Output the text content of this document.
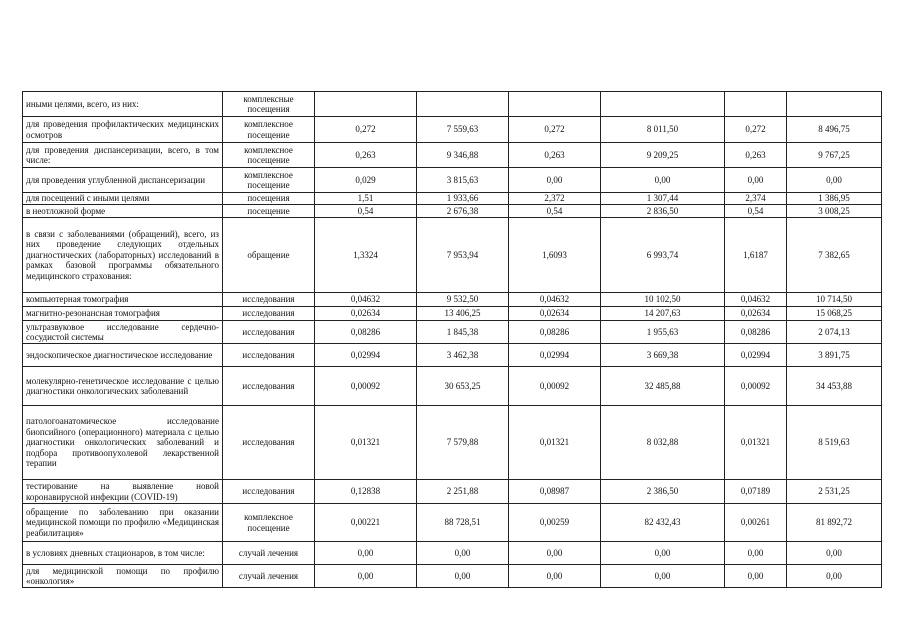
иными целями, всего, из них:	комплексные посещения						
для проведения профилактических медицинских осмотров	комплексное посещение	0,272	7 559,63	0,272	8 011,50	0,272	8 496,75
для проведения диспансеризации, всего, в том числе:	комплексное посещение	0,263	9 346,88	0,263	9 209,25	0,263	9 767,25
для проведения углубленной диспансеризации	комплексное посещение	0,029	3 815,63	0,00	0,00	0,00	0,00
для посещений с иными целями	посещения	1,51	1 933,66	2,372	1 307,44	2,374	1 386,95
в неотложной форме	посещение	0,54	2 676,38	0,54	2 836,50	0,54	3 008,25
в связи с заболеваниями (обращений), всего, из них проведение следующих отдельных диагностических (лабораторных) исследований в рамках базовой программы обязательного медицинского страхования:	обращение	1,3324	7 953,94	1,6093	6 993,74	1,6187	7 382,65
компьютерная томография	исследования	0,04632	9 532,50	0,04632	10 102,50	0,04632	10 714,50
магнитно-резонансная томография	исследования	0,02634	13 406,25	0,02634	14 207,63	0,02634	15 068,25
ультразвуковое исследование сердечно-сосудистой системы	исследования	0,08286	1 845,38	0,08286	1 955,63	0,08286	2 074,13
эндоскопическое диагностическое исследование	исследования	0,02994	3 462,38	0,02994	3 669,38	0,02994	3 891,75
молекулярно-генетическое исследование с целью диагностики онкологических заболеваний	исследования	0,00092	30 653,25	0,00092	32 485,88	0,00092	34 453,88
патологоанатомическое исследование биопсийного (операционного) материала с целью диагностики онкологических заболеваний и подбора противоопухолевой лекарственной терапии	исследования	0,01321	7 579,88	0,01321	8 032,88	0,01321	8 519,63
тестирование на выявление новой коронавирусной инфекции (COVID-19)	исследования	0,12838	2 251,88	0,08987	2 386,50	0,07189	2 531,25
обращение по заболеванию при оказании медицинской помощи по профилю «Медицинская реабилитация»	комплексное посещение	0,00221	88 728,51	0,00259	82 432,43	0,00261	81 892,72
в условиях дневных стационаров, в том числе:	случай лечения	0,00	0,00	0,00	0,00	0,00	0,00
для медицинской помощи по профилю «онкология»	случай лечения	0,00	0,00	0,00	0,00	0,00	0,00
